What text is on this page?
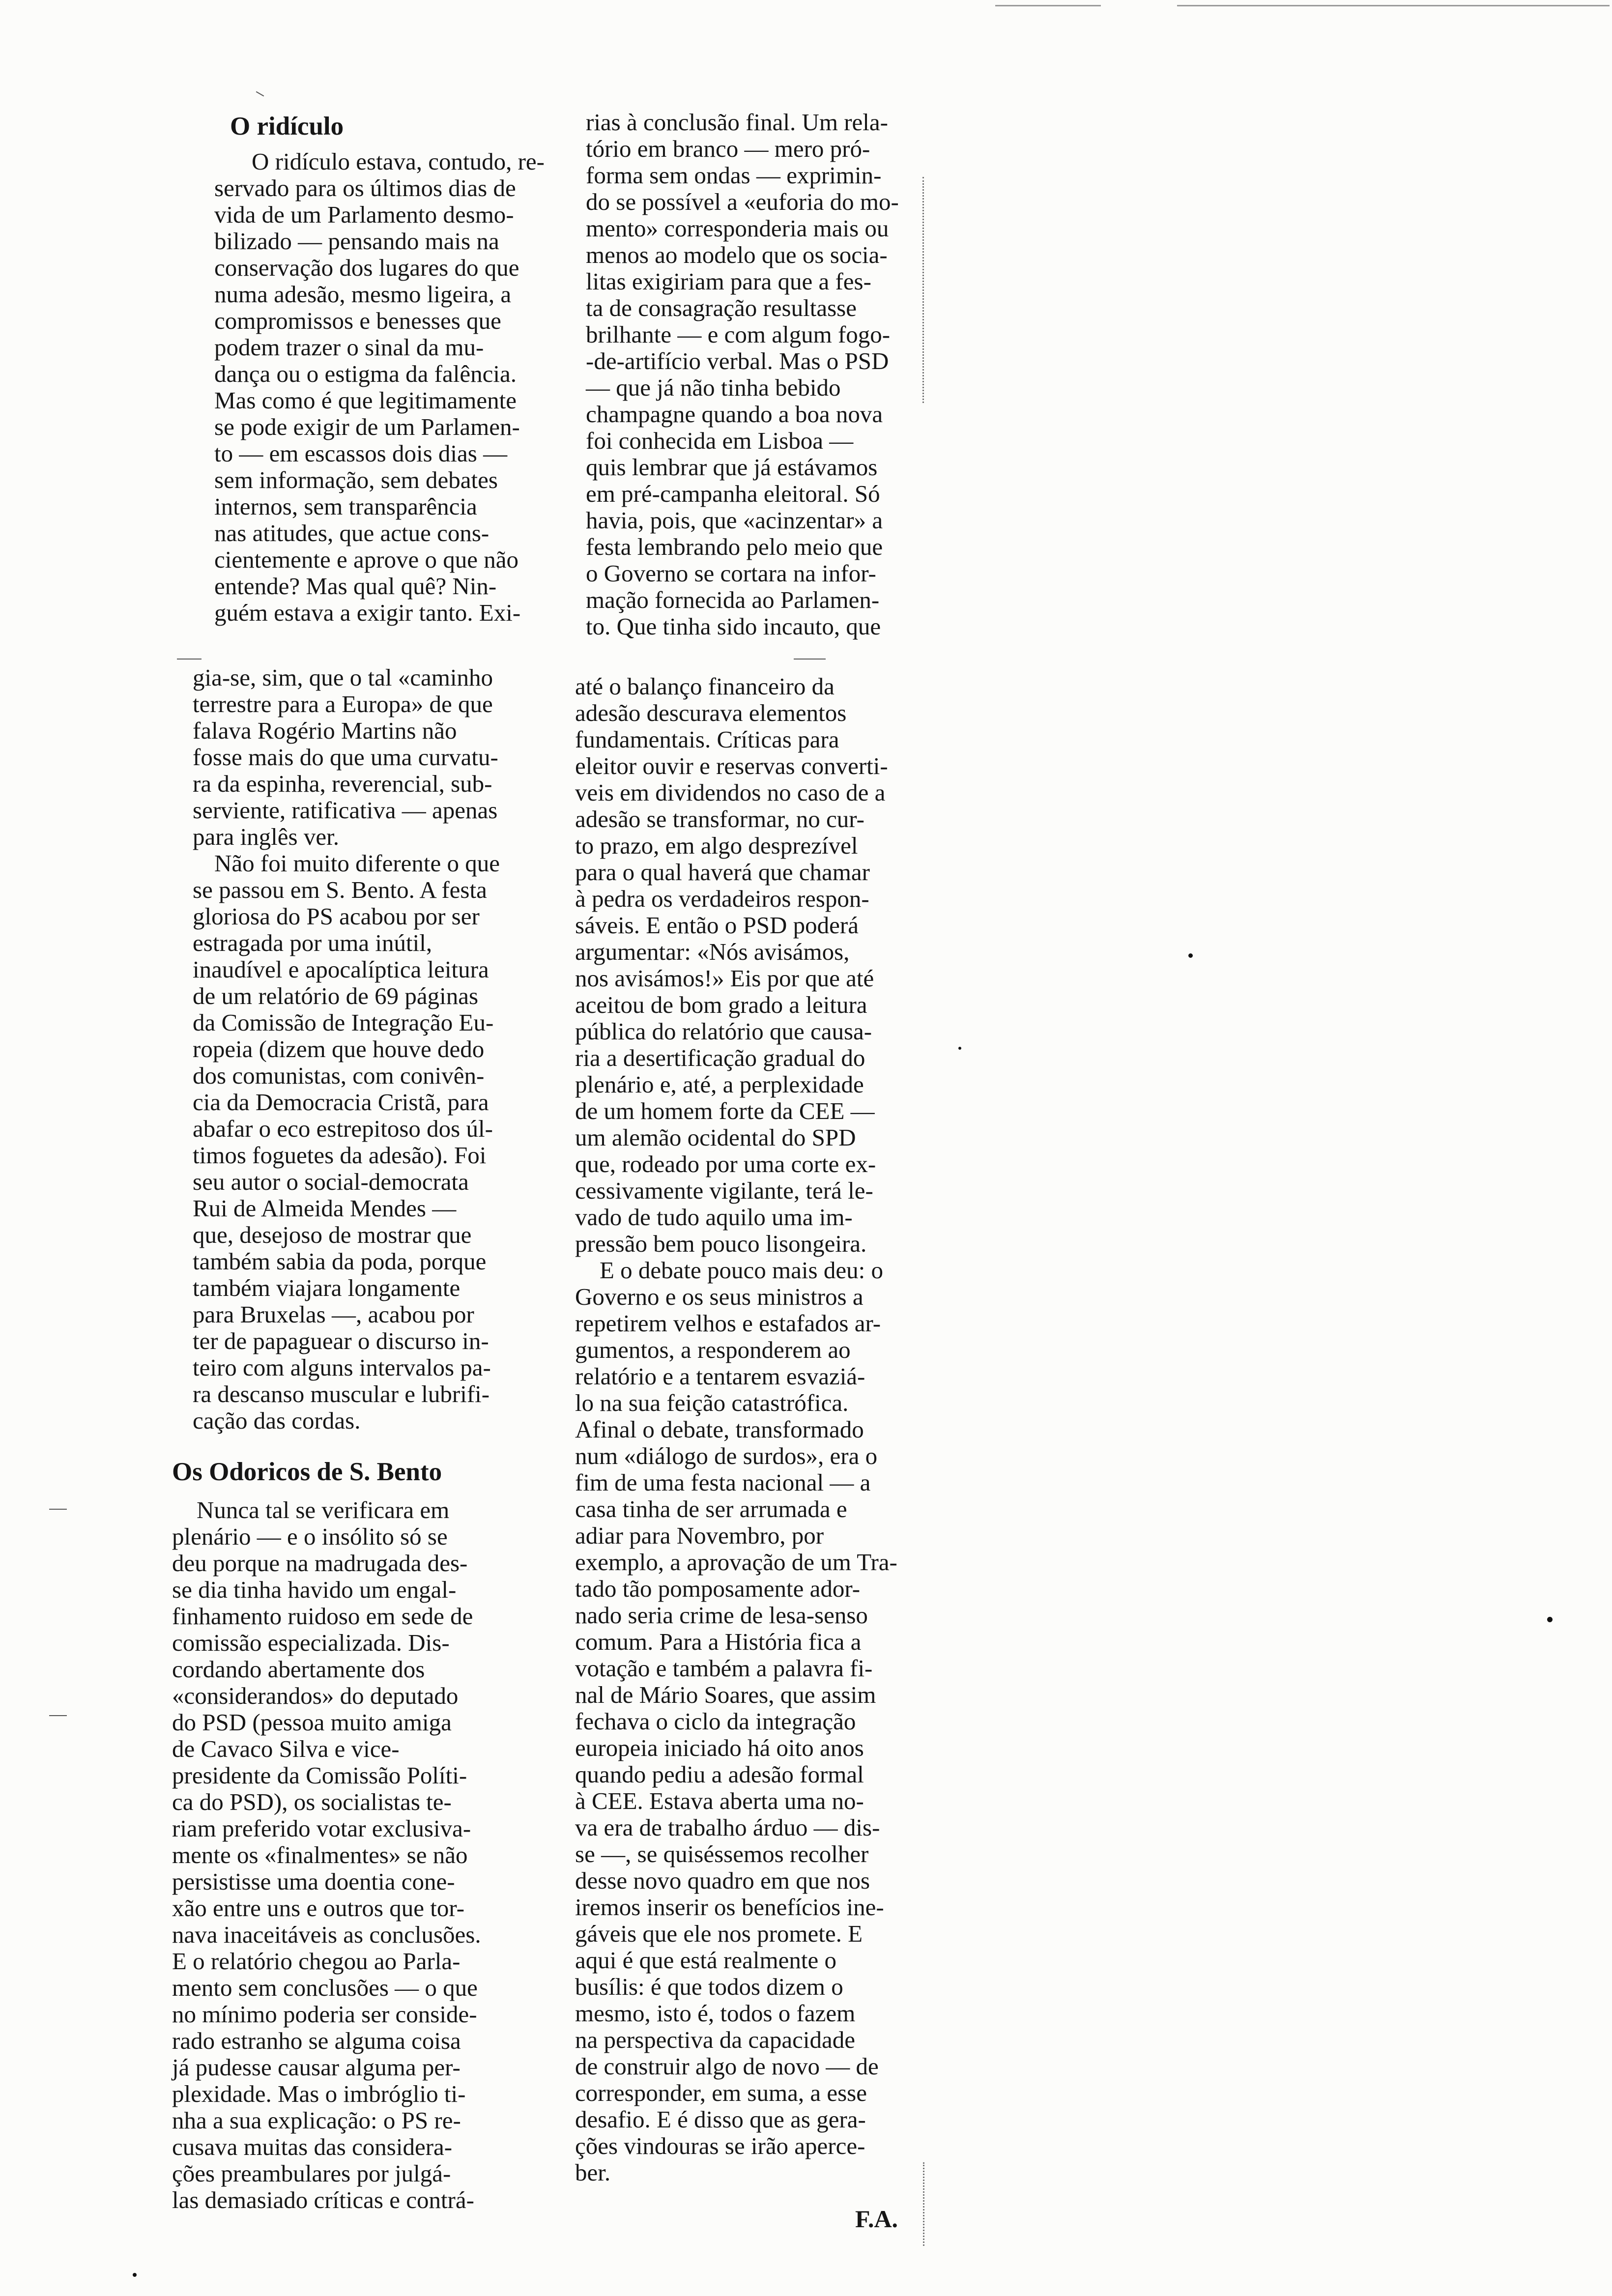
O ridículo
O ridículo estava, contudo, re-
servado para os últimos dias de
vida de um Parlamento desmo-
bilizado — pensando mais na
conservação dos lugares do que
numa adesão, mesmo ligeira, a
compromissos e benesses que
podem trazer o sinal da mu-
dança ou o estigma da falência.
Mas como é que legitimamente
se pode exigir de um Parlamen-
to — em escassos dois dias —
sem informação, sem debates
internos, sem transparência
nas atitudes, que actue cons-
cientemente e aprove o que não
entende? Mas qual quê? Nin-
guém estava a exigir tanto. Exi-
gia-se, sim, que o tal «caminho
terrestre para a Europa» de que
falava Rogério Martins não
fosse mais do que uma curvatu-
ra da espinha, reverencial, sub-
serviente, ratificativa — apenas
para inglês ver.
Não foi muito diferente o que
se passou em S. Bento. A festa
gloriosa do PS acabou por ser
estragada por uma inútil,
inaudível e apocalíptica leitura
de um relatório de 69 páginas
da Comissão de Integração Eu-
ropeia (dizem que houve dedo
dos comunistas, com conivên-
cia da Democracia Cristã, para
abafar o eco estrepitoso dos úl-
timos foguetes da adesão). Foi
seu autor o social-democrata
Rui de Almeida Mendes —
que, desejoso de mostrar que
também sabia da poda, porque
também viajara longamente
para Bruxelas —, acabou por
ter de papaguear o discurso in-
teiro com alguns intervalos pa-
ra descanso muscular e lubrifi-
cação das cordas.
Os Odoricos de S. Bento
Nunca tal se verificara em
plenário — e o insólito só se
deu porque na madrugada des-
se dia tinha havido um engal-
finhamento ruidoso em sede de
comissão especializada. Dis-
cordando abertamente dos
«considerandos» do deputado
do PSD (pessoa muito amiga
de Cavaco Silva e vice-
presidente da Comissão Políti-
ca do PSD), os socialistas te-
riam preferido votar exclusiva-
mente os «finalmentes» se não
persistisse uma doentia conе-
xão entre uns e outros que tor-
nava inaceitáveis as conclusões.
E o relatório chegou ao Parla-
mento sem conclusões — o que
no mínimo poderia ser conside-
rado estranho se alguma coisa
já pudesse causar alguma per-
plexidade. Mas o imbróglio ti-
nha a sua explicação: o PS re-
cusava muitas das considera-
ções preambulares por julgá-
las demasiado críticas e contrá-
rias à conclusão final. Um rela-
tório em branco — mero pró-
forma sem ondas — exprimin-
do se possível a «euforia do mo-
mento» corresponderia mais ou
menos ao modelo que os socia-
litas exigiriam para que a fes-
ta de consagração resultasse
brilhante — e com algum fogo-
-de-artifício verbal. Mas o PSD
— que já não tinha bebido
champagne quando a boa nova
foi conhecida em Lisboa —
quis lembrar que já estávamos
em pré-campanha eleitoral. Só
havia, pois, que «acinzentar» a
festa lembrando pelo meio que
o Governo se cortara na infor-
mação fornecida ao Parlamen-
to. Que tinha sido incauto, que
até o balanço financeiro da
adesão descurava elementos
fundamentais. Críticas para
eleitor ouvir e reservas converti-
veis em dividendos no caso de a
adesão se transformar, no cur-
to prazo, em algo desprezível
para o qual haverá que chamar
à pedra os verdadeiros respon-
sáveis. E então o PSD poderá
argumentar: «Nós avisámos,
nos avisámos!» Eis por que até
aceitou de bom grado a leitura
pública do relatório que causa-
ria a desertificação gradual do
plenário e, até, a perplexidade
de um homem forte da CEE —
um alemão ocidental do SPD
que, rodeado por uma corte ex-
cessivamente vigilante, terá le-
vado de tudo aquilo uma im-
pressão bem pouco lisongeira.
E o debate pouco mais deu: o
Governo e os seus ministros a
repetirem velhos e estafados ar-
gumentos, a responderem ao
relatório e a tentarem esvaziá-
lo na sua feição catastrófica.
Afinal o debate, transformado
num «diálogo de surdos», era o
fim de uma festa nacional — a
casa tinha de ser arrumada e
adiar para Novembro, por
exemplo, a aprovação de um Tra-
tado tão pomposamente ador-
nado seria crime de lesa-senso
comum. Para a História fica a
votação e também a palavra fi-
nal de Mário Soares, que assim
fechava o ciclo da integração
europeia iniciado há oito anos
quando pediu a adesão formal
à CEE. Estava aberta uma no-
va era de trabalho árduo — dis-
se —, se quiséssemos recolher
desse novo quadro em que nos
iremos inserir os benefícios ine-
gáveis que ele nos promete. E
aqui é que está realmente o
busílis: é que todos dizem o
mesmo, isto é, todos o fazem
na perspectiva da capacidade
de construir algo de novo — de
corresponder, em suma, a esse
desafio. E é disso que as gera-
ções vindouras se irão aperce-
ber.
F.A.
